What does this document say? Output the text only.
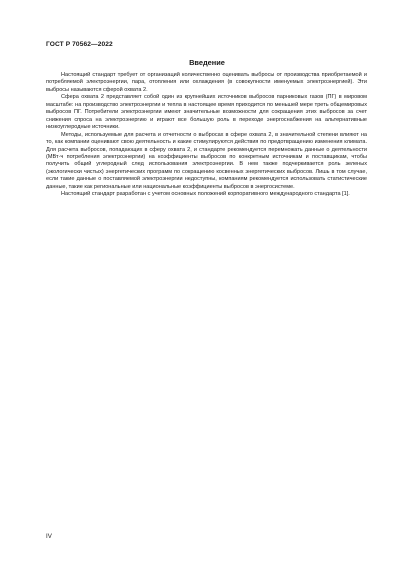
ГОСТ Р 70562—2022
Введение

Настоящий стандарт требует от организаций количественно оценивать выбросы от производства приобретаемой и потребляемой электроэнергии, пара, отопления или охлаждения (в совокупности именуемых электроэнергией). Эти выбросы называются сферой охвата 2.

Сфера охвата 2 представляет собой один из крупнейших источников выбросов парниковых газов (ПГ) в мировом масштабе: на производство электроэнергии и тепла в настоящее время приходится по меньшей мере треть общемировых выбросов ПГ. Потребители электроэнергии имеют значительные возможности для сокращения этих выбросов за счет снижения спроса на электроэнергию и играют все большую роль в переходе энергоснабжения на альтернативные низкоуглеродные источники.

Методы, используемые для расчета и отчетности о выбросах в сфере охвата 2, в значительной степени влияют на то, как компании оценивают свою деятельность и какие стимулируются действия по предотвращению изменения климата. Для расчета выбросов, попадающих в сферу охвата 2, и стандарте рекомендуется перемножать данные о деятельности (МВт·ч потребления электроэнергии) на коэффициенты выбросов по конкретным источникам и поставщикам, чтобы получить общий углеродный след использования электроэнергии. В нем также подчеркивается роль зеленых (экологически чистых) энергетических программ по сокращению косвенных энергетических выбросов. Лишь в том случае, если такие данные о поставляемой электроэнергии недоступны, компаниям рекомендуется использовать статистические данные, такие как региональные или национальные коэффициенты выбросов в энергосистеме.

Настоящий стандарт разработан с учетом основных положений корпоративного международного стандарта [1].

IV
